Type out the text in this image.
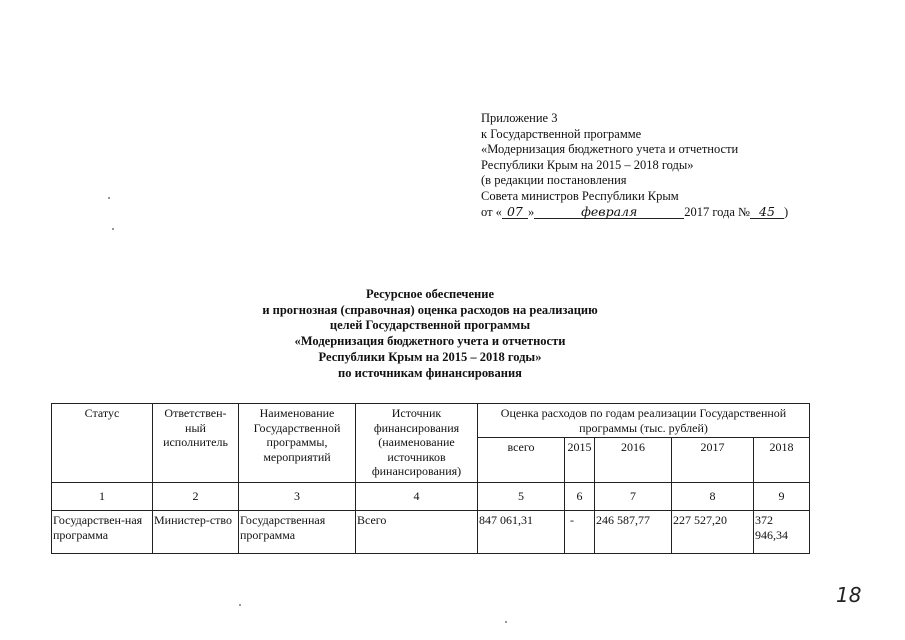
Приложение 3
к Государственной программе
«Модернизация бюджетного учета и отчетности
Республики Крым на 2015 – 2018 годы»
(в редакции постановления
Совета министров Республики Крым
от « 07 »	февраля	2017 года № 45 )
Ресурсное обеспечение
и прогнозная (справочная) оценка расходов на реализацию
целей Государственной программы
«Модернизация бюджетного учета и отчетности
Республики Крым на 2015 – 2018 годы»
по источникам финансирования
Статус	Ответствен-ный исполнитель	Наименование Государственной программы, мероприятий	Источник финансирования (наименование источников финансирования)	Оценка расходов по годам реализации Государственной программы (тыс. рублей)				
				всего	2015	2016	2017	2018
1	2	3	4	5	6	7	8	9
Государствен-ная программа	Министер-ство	Государственная программа	Всего	847 061,31	-	246 587,77	227 527,20	372 946,34
18
